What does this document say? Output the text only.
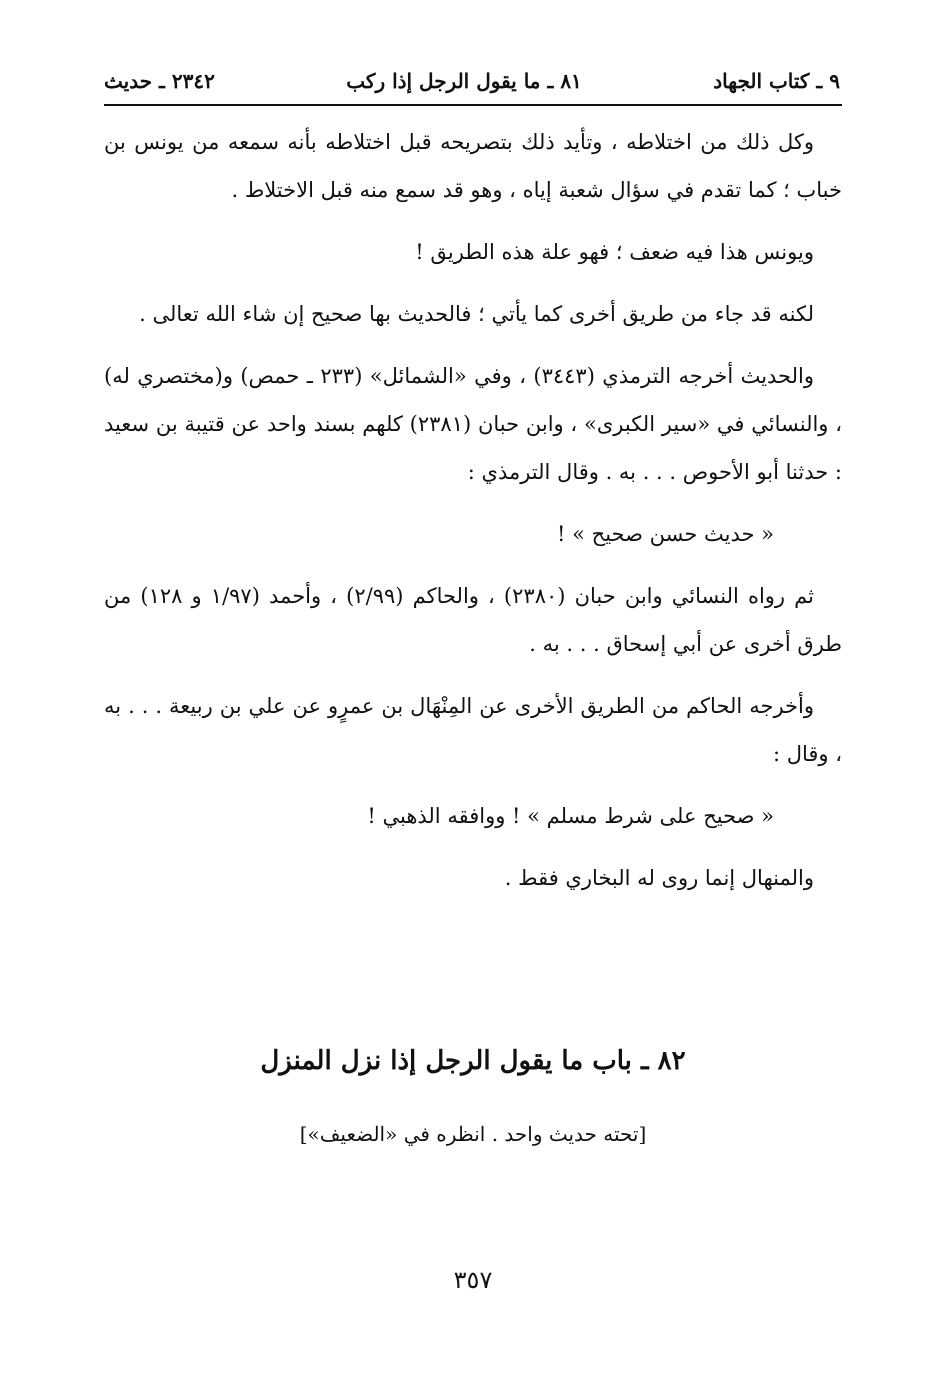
٩ ـ كتاب الجهاد
٨١ ـ ما يقول الرجل إذا ركب
٢٣٤٢ ـ حديث

وكل ذلك من اختلاطه ، وتأيد ذلك بتصريحه قبل اختلاطه بأنه سمعه من يونس بن خباب ؛ كما تقدم في سؤال شعبة إياه ، وهو قد سمع منه قبل الاختلاط .

ويونس هذا فيه ضعف ؛ فهو علة هذه الطريق !

لكنه قد جاء من طريق أخرى كما يأتي ؛ فالحديث بها صحيح إن شاء الله تعالى .

والحديث أخرجه الترمذي (٣٤٤٣) ، وفي «الشمائل» (٢٣٣ ـ حمص) و(مختصري له) ، والنسائي في «سير الكبرى» ، وابن حبان (٢٣٨١) كلهم بسند واحد عن قتيبة بن سعيد : حدثنا أبو الأحوص . . . به . وقال الترمذي :

« حديث حسن صحيح » !

ثم رواه النسائي وابن حبان (٢٣٨٠) ، والحاكم (٢/٩٩) ، وأحمد (١/٩٧ و ١٢٨) من طرق أخرى عن أبي إسحاق . . . به .

وأخرجه الحاكم من الطريق الأخرى عن المِنْهَال بن عمرٍو عن علي بن ربيعة . . . به ، وقال :

« صحيح على شرط مسلم » ! ووافقه الذهبي !

والمنهال إنما روى له البخاري فقط .

٨٢ ـ باب ما يقول الرجل إذا نزل المنزل
[تحته حديث واحد . انظره في «الضعيف»]
٣٥٧
